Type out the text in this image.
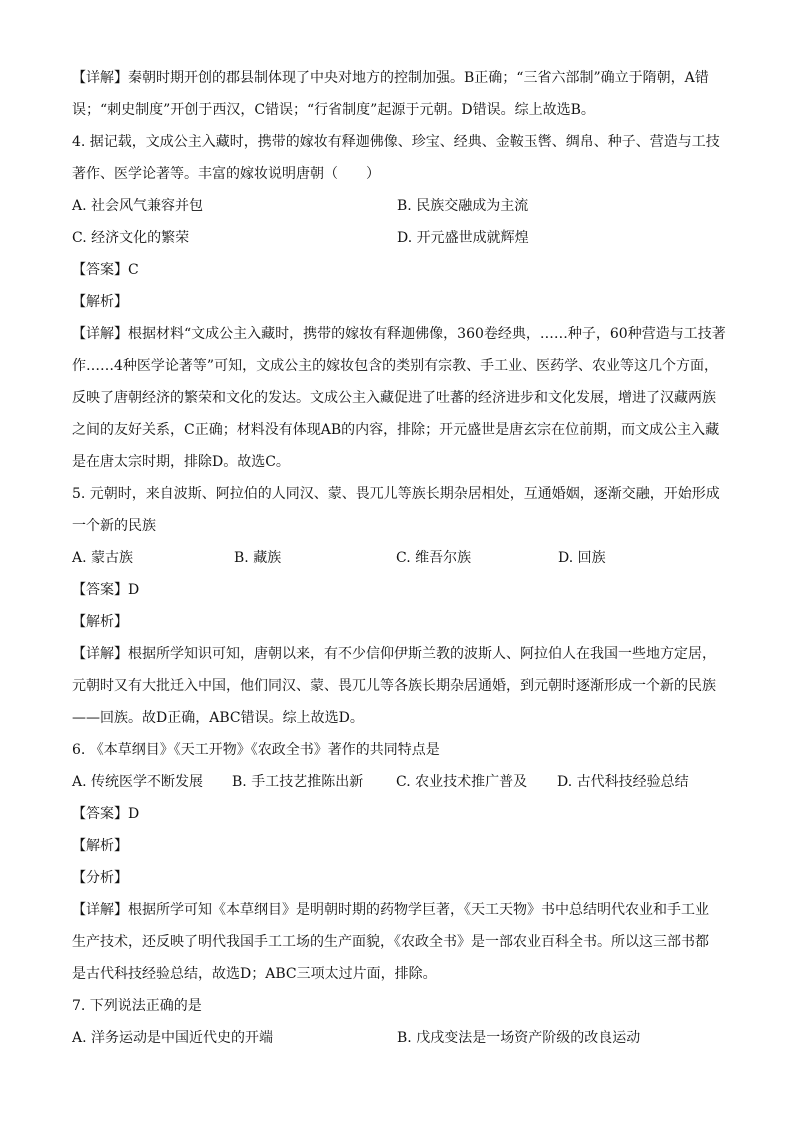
【详解】秦朝时期开创的郡县制体现了中央对地方的控制加强。B正确；“三省六部制”确立于隋朝，A错
误；“刺史制度”开创于西汉，C错误；“行省制度”起源于元朝。D错误。综上故选B。
4. 据记载，文成公主入藏时，携带的嫁妆有释迦佛像、珍宝、经典、金鞍玉辔、绸帛、种子、营造与工技
著作、医学论著等。丰富的嫁妆说明唐朝（　　）
A. 社会风气兼容并包	B. 民族交融成为主流
C. 经济文化的繁荣	D. 开元盛世成就辉煌
【答案】C
【解析】
【详解】根据材料“文成公主入藏时，携带的嫁妆有释迦佛像，360卷经典，……种子，60种营造与工技著
作……4种医学论著等”可知，文成公主的嫁妆包含的类别有宗教、手工业、医药学、农业等这几个方面，
反映了唐朝经济的繁荣和文化的发达。文成公主入藏促进了吐蕃的经济进步和文化发展，增进了汉藏两族
之间的友好关系，C正确；材料没有体现AB的内容，排除；开元盛世是唐玄宗在位前期，而文成公主入藏
是在唐太宗时期，排除D。故选C。
5. 元朝时，来自波斯、阿拉伯的人同汉、蒙、畏兀儿等族长期杂居相处，互通婚姻，逐渐交融，开始形成
一个新的民族
A. 蒙古族	B. 藏族	C. 维吾尔族	D. 回族
【答案】D
【解析】
【详解】根据所学知识可知，唐朝以来，有不少信仰伊斯兰教的波斯人、阿拉伯人在我国一些地方定居，
元朝时又有大批迁入中国，他们同汉、蒙、畏兀儿等各族长期杂居通婚，到元朝时逐渐形成一个新的民族
——回族。故D正确，ABC错误。综上故选D。
6. 《本草纲目》《天工开物》《农政全书》著作的共同特点是
A. 传统医学不断发展	B. 手工技艺推陈出新	C. 农业技术推广普及	D. 古代科技经验总结
【答案】D
【解析】
【分析】
【详解】根据所学可知《本草纲目》是明朝时期的药物学巨著，《天工天物》书中总结明代农业和手工业
生产技术，还反映了明代我国手工工场的生产面貌，《农政全书》是一部农业百科全书。所以这三部书都
是古代科技经验总结，故选D；ABC三项太过片面，排除。
7. 下列说法正确的是
A. 洋务运动是中国近代史的开端	B. 戊戌变法是一场资产阶级的改良运动
